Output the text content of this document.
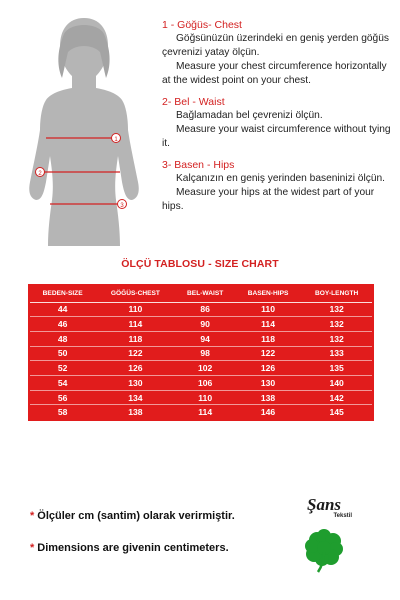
1
2
3
1 - Göğüs- Chest
Göğsünüzün üzerindeki en geniş yerden göğüs çevrenizi yatay ölçün.
Measure your chest circumference horizontally at the widest point on your chest.
2- Bel - Waist
Bağlamadan bel çevrenizi ölçün.
Measure your waist circumference without tying it.
3- Basen - Hips
Kalçanızın en geniş yerinden baseninizi ölçün.
Measure your hips at the widest part of your hips.
ÖLÇÜ TABLOSU - SIZE CHART
BEDEN-SIZE	GÖĞÜS-CHEST	BEL-WAIST	BASEN-HIPS	BOY-LENGTH
44	110	86	110	132
46	114	90	114	132
48	118	94	118	132
50	122	98	122	133
52	126	102	126	135
54	130	106	130	140
56	134	110	138	142
58	138	114	146	145
* Ölçüler cm (santim) olarak verirmiştir.
* Dimensions are givenin centimeters.
Şans
Tekstil
